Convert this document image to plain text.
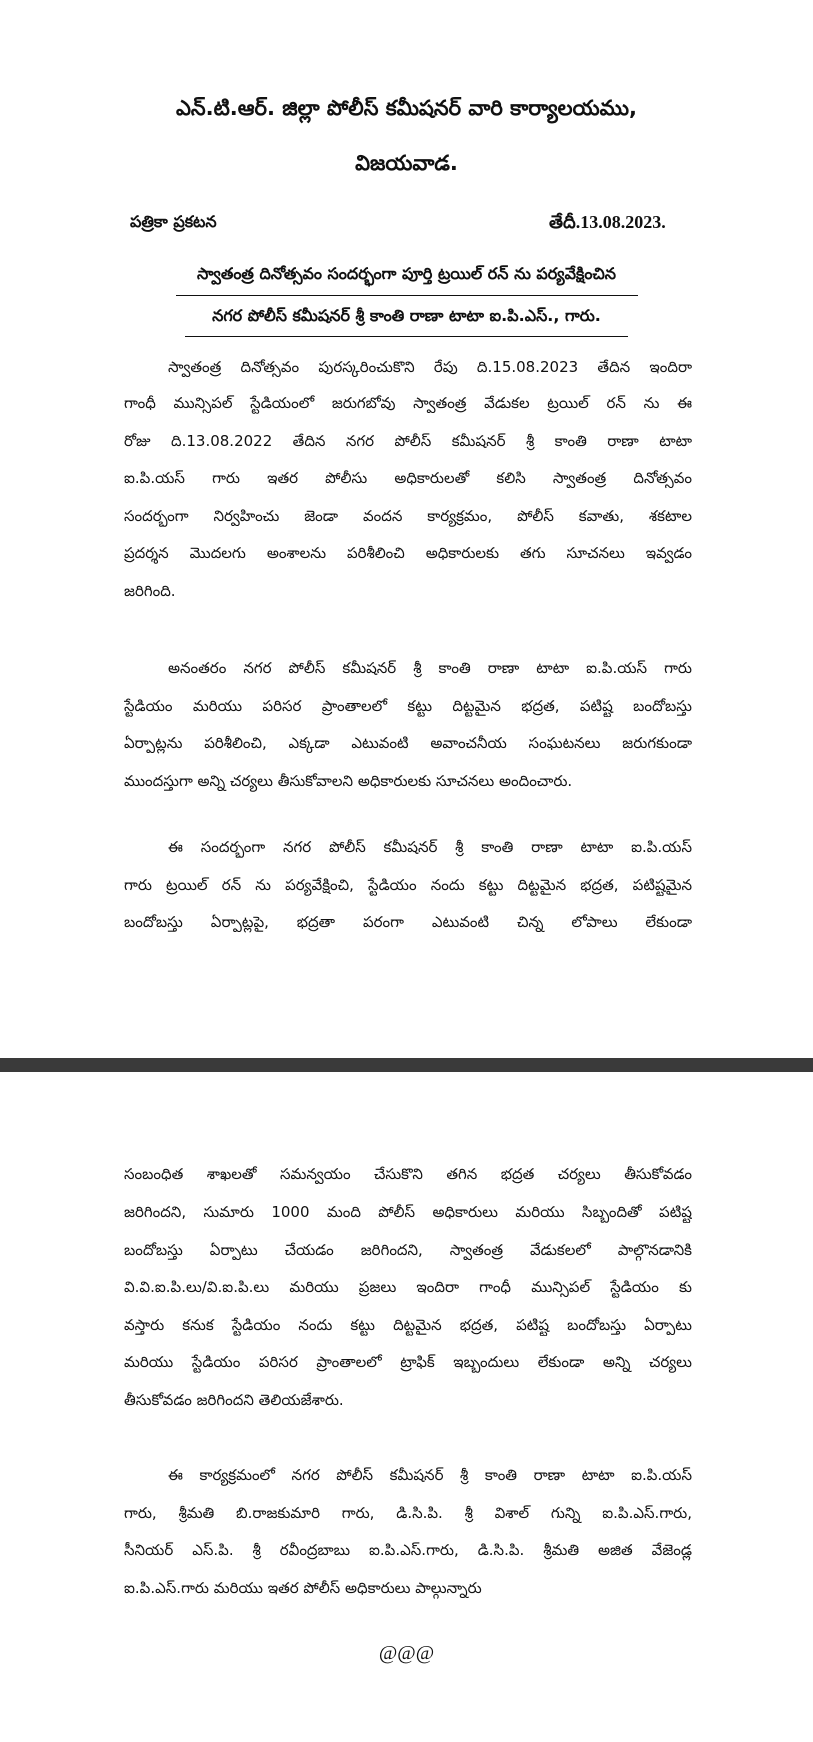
ఎన్.టి.ఆర్. జిల్లా పోలీస్ కమీషనర్ వారి కార్యాలయము,
విజయవాడ.
పత్రికా ప్రకటన	తేదీ.13.08.2023.
స్వాతంత్ర దినోత్సవం సందర్భంగా పూర్తి ట్రయిల్ రన్ ను పర్యవేక్షించిన
నగర పోలీస్ కమీషనర్ శ్రీ కాంతి రాణా టాటా ఐ.పి.ఎస్., గారు.
స్వాతంత్ర దినోత్సవం పురస్కరించుకొని రేపు ది.15.08.2023 తేదిన ఇందిరా
గాంధీ మున్సిపల్ స్టేడియంలో జరుగబోవు స్వాతంత్ర వేడుకల ట్రయిల్ రన్ ను ఈ
రోజు ది.13.08.2022 తేదిన నగర పోలీస్ కమీషనర్ శ్రీ కాంతి రాణా టాటా
ఐ.పి.యస్ గారు ఇతర పోలీసు అధికారులతో కలిసి స్వాతంత్ర దినోత్సవం
సందర్భంగా నిర్వహించు జెండా వందన కార్యక్రమం, పోలీస్ కవాతు, శకటాల
ప్రదర్శన మొదలగు అంశాలను పరిశీలించి అధికారులకు తగు సూచనలు ఇవ్వడం
జరిగింది.
అనంతరం నగర పోలీస్ కమీషనర్ శ్రీ కాంతి రాణా టాటా ఐ.పి.యస్ గారు
స్టేడియం మరియు పరిసర ప్రాంతాలలో కట్టు దిట్టమైన భద్రత, పటిష్ట బందోబస్తు
ఏర్పాట్లను పరిశీలించి, ఎక్కడా ఎటువంటి అవాంచనీయ సంఘటనలు జరుగకుండా
ముందస్తుగా అన్ని చర్యలు తీసుకోవాలని అధికారులకు సూచనలు అందించారు.
ఈ సందర్భంగా నగర పోలీస్ కమీషనర్ శ్రీ కాంతి రాణా టాటా ఐ.పి.యస్
గారు ట్రయిల్ రన్ ను పర్యవేక్షించి, స్టేడియం నందు కట్టు దిట్టమైన భద్రత, పటిష్టమైన
బందోబస్తు ఏర్పాట్లపై, భద్రతా పరంగా ఎటువంటి చిన్న లోపాలు లేకుండా
సంబంధిత శాఖలతో సమన్వయం చేసుకొని తగిన భద్రత చర్యలు తీసుకోవడం
జరిగిందని, సుమారు 1000 మంది పోలీస్ అధికారులు మరియు సిబ్బందితో పటిష్ట
బందోబస్తు ఏర్పాటు చేయడం జరిగిందని, స్వాతంత్ర వేడుకలలో పాల్గొనడానికి
వి.వి.ఐ.పి.లు/వి.ఐ.పి.లు మరియు ప్రజలు ఇందిరా గాంధీ మున్సిపల్ స్టేడియం కు
వస్తారు కనుక స్టేడియం నందు కట్టు దిట్టమైన భద్రత, పటిష్ట బందోబస్తు ఏర్పాటు
మరియు స్టేడియం పరిసర ప్రాంతాలలో ట్రాఫిక్ ఇబ్బందులు లేకుండా అన్ని చర్యలు
తీసుకోవడం జరిగిందని తెలియజేశారు.
ఈ కార్యక్రమంలో నగర పోలీస్ కమీషనర్ శ్రీ కాంతి రాణా టాటా ఐ.పి.యస్
గారు, శ్రీమతి బి.రాజకుమారి గారు, డి.సి.పి. శ్రీ విశాల్ గున్ని ఐ.పి.ఎస్.గారు,
సీనియర్ ఎస్.పి. శ్రీ రవీంద్రబాబు ఐ.పి.ఎస్.గారు, డి.సి.పి. శ్రీమతి అజిత వేజెండ్ల
ఐ.పి.ఎస్.గారు మరియు ఇతర పోలీస్ అధికారులు పాల్గున్నారు
@@@
